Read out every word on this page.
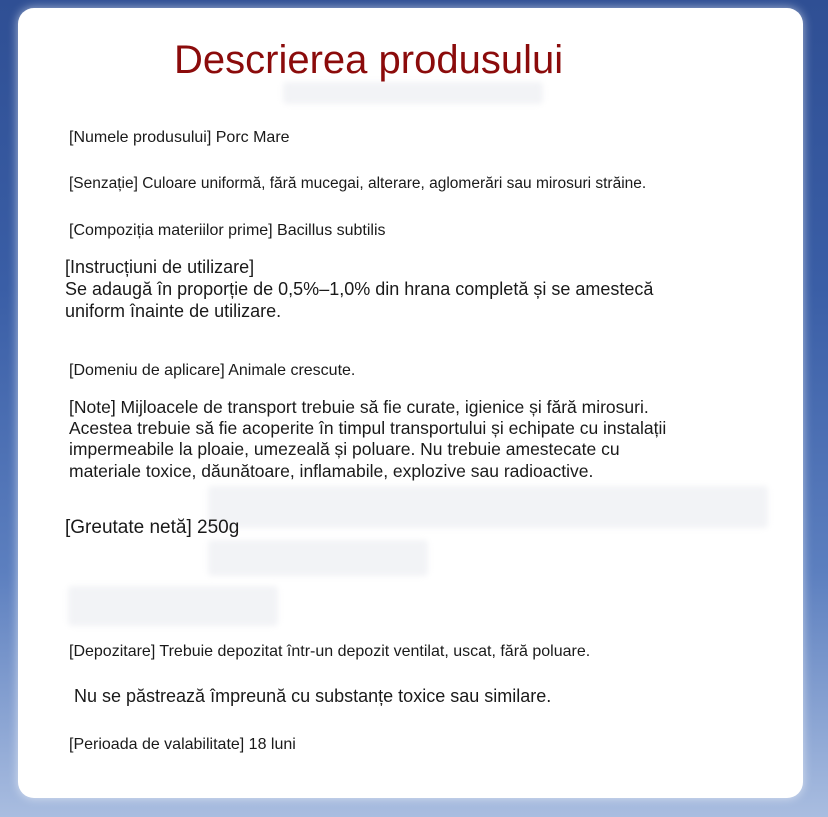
Descrierea produsului
[Numele produsului] Porc Mare
[Senzație] Culoare uniformă, fără mucegai, alterare, aglomerări sau mirosuri străine.
[Compoziția materiilor prime] Bacillus subtilis
[Instrucțiuni de utilizare]
Se adaugă în proporție de 0,5%–1,0% din hrana completă și se amestecă
uniform înainte de utilizare.
[Domeniu de aplicare] Animale crescute.
[Note] Mijloacele de transport trebuie să fie curate, igienice și fără mirosuri.
Acestea trebuie să fie acoperite în timpul transportului și echipate cu instalații
impermeabile la ploaie, umezeală și poluare. Nu trebuie amestecate cu
materiale toxice, dăunătoare, inflamabile, explozive sau radioactive.
[Greutate netă] 250g
[Depozitare] Trebuie depozitat într-un depozit ventilat, uscat, fără poluare.
Nu se păstrează împreună cu substanțe toxice sau similare.
[Perioada de valabilitate] 18 luni
